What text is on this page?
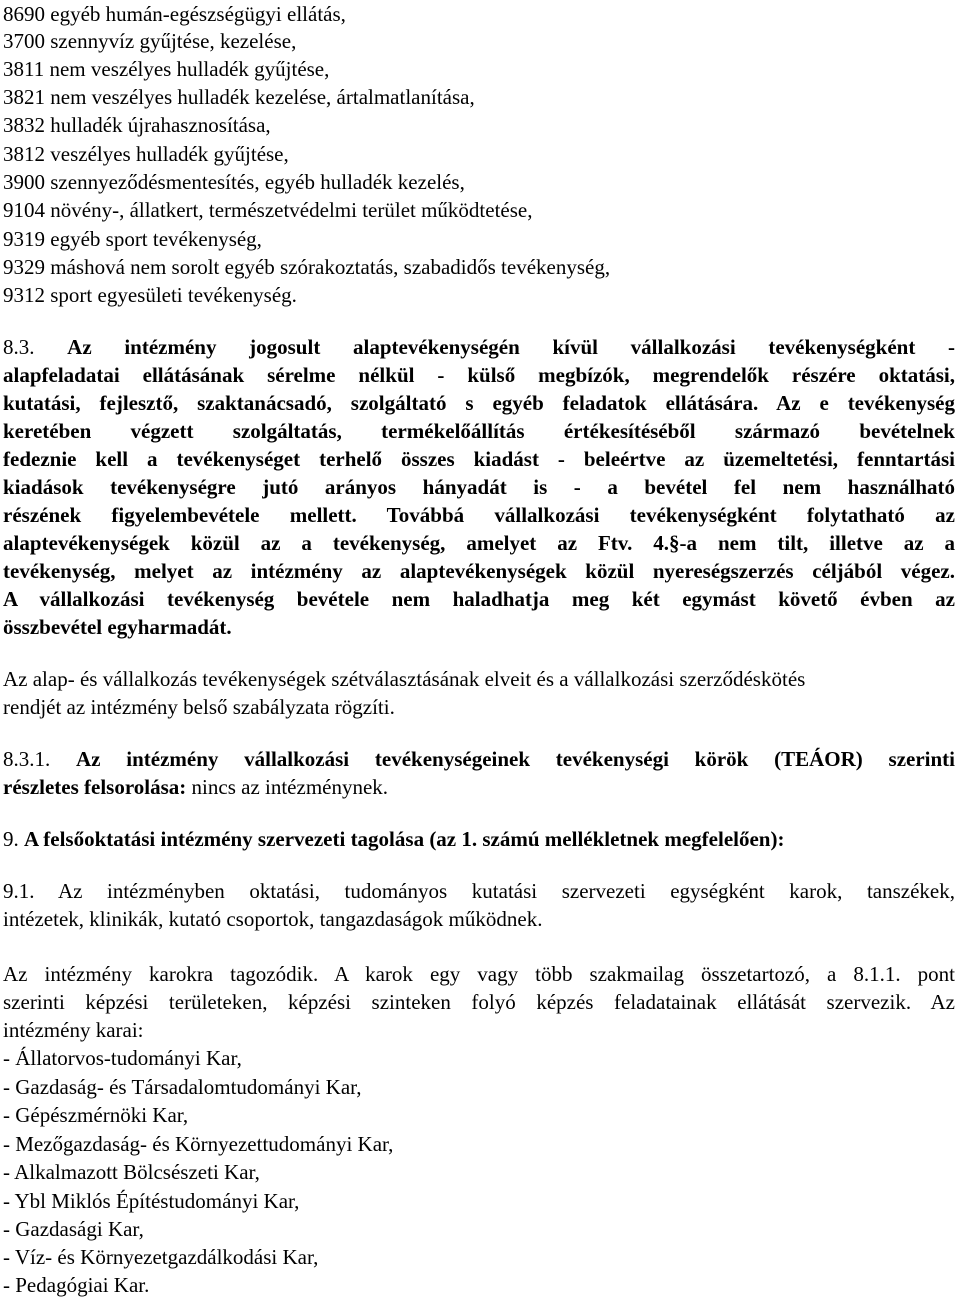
8690 egyéb humán-egészségügyi ellátás,
3700 szennyvíz gyűjtése, kezelése,
3811 nem veszélyes hulladék gyűjtése,
3821 nem veszélyes hulladék kezelése, ártalmatlanítása,
3832 hulladék újrahasznosítása,
3812 veszélyes hulladék gyűjtése,
3900 szennyeződésmentesítés, egyéb hulladék kezelés,
9104 növény-, állatkert, természetvédelmi terület működtetése,
9319 egyéb sport tevékenység,
9329 máshová nem sorolt egyéb szórakoztatás, szabadidős tevékenység,
9312 sport egyesületi tevékenység.
8.3. Az intézmény jogosult alaptevékenységén kívül vállalkozási tevékenységként -
alapfeladatai ellátásának sérelme nélkül - külső megbízók, megrendelők részére oktatási,
kutatási, fejlesztő, szaktanácsadó, szolgáltató s egyéb feladatok ellátására. Az e tevékenység
keretében végzett szolgáltatás, termékelőállítás értékesítéséből származó bevételnek
fedeznie kell a tevékenységet terhelő összes kiadást - beleértve az üzemeltetési, fenntartási
kiadások tevékenységre jutó arányos hányadát is - a bevétel fel nem használható
részének figyelembevétele mellett. Továbbá vállalkozási tevékenységként folytatható az
alaptevékenységek közül az a tevékenység, amelyet az Ftv. 4.§-a nem tilt, illetve az a
tevékenység, melyet az intézmény az alaptevékenységek közül nyereségszerzés céljából végez.
A vállalkozási tevékenység bevétele nem haladhatja meg két egymást követő évben az
összbevétel egyharmadát.
Az alap- és vállalkozás tevékenységek szétválasztásának elveit és a vállalkozási szerződéskötés
rendjét az intézmény belső szabályzata rögzíti.
8.3.1. Az intézmény vállalkozási tevékenységeinek tevékenységi körök (TEÁOR) szerinti
részletes felsorolása: nincs az intézménynek.
9. A felsőoktatási intézmény szervezeti tagolása (az 1. számú mellékletnek megfelelően):
9.1. Az intézményben oktatási, tudományos kutatási szervezeti egységként karok, tanszékek,
intézetek, klinikák, kutató csoportok, tangazdaságok működnek.
Az intézmény karokra tagozódik. A karok egy vagy több szakmailag összetartozó, a 8.1.1. pont
szerinti képzési területeken, képzési szinteken folyó képzés feladatainak ellátását szervezik. Az
intézmény karai:
- Állatorvos-tudományi Kar,
- Gazdaság- és Társadalomtudományi Kar,
- Gépészmérnöki Kar,
- Mezőgazdaság- és Környezettudományi Kar,
- Alkalmazott Bölcsészeti Kar,
- Ybl Miklós Építéstudományi Kar,
- Gazdasági Kar,
- Víz- és Környezetgazdálkodási Kar,
- Pedagógiai Kar.
